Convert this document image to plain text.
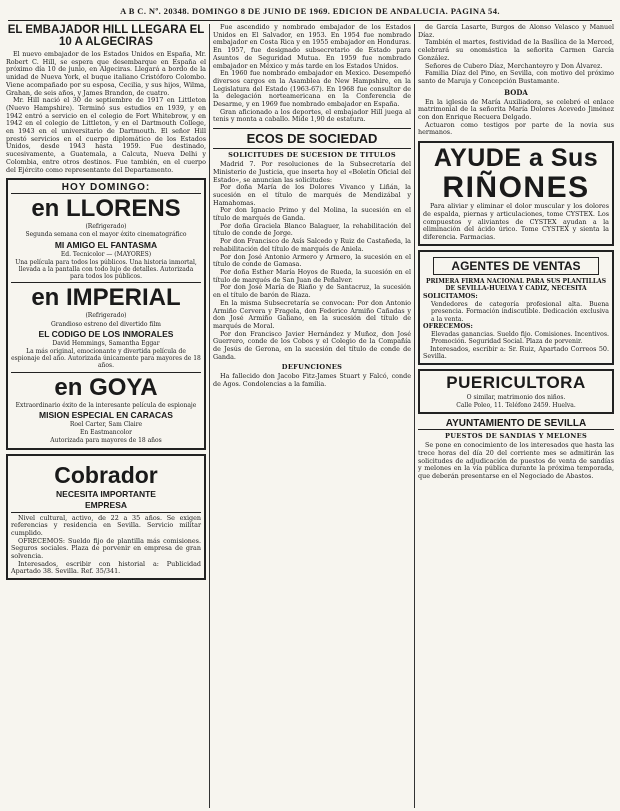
A B C. Nº. 20348. DOMINGO 8 DE JUNIO DE 1969. EDICION DE ANDALUCIA. PAGINA 54.
EL EMBAJADOR HILL LLEGARA EL 10 A ALGECIRAS

El nuevo embajador de los Estados Unidos en España, Mr. Robert C. Hill, se espera que desembarque en España el próximo día 10 de junio, en Algeciras. Llegará a bordo de la unidad de Nueva York, el buque italiano Cristóforo Colombo. Viene acompañado por su esposa, Cecilia, y sus hijos, Wilma, Grahan, de seis años, y James Brandon, de cuatro.

Mr. Hill nació el 30 de septiembre de 1917 en Littleton (Nuevo Hampshire). Terminó sus estudios en 1939, y en 1942 entró a servicio en el colegio de Fort Whitebrow, y en 1942 en el colegio de Littleton, y en el Dartmouth College, en 1943 en el universitario de Dartmouth. El señor Hill prestó servicios en el cuerpo diplomático de los Estados Unidos, desde 1943 hasta 1959. Fue destinado, sucesivamente, a Guatemala, a Calcuta, Nueva Delhi y Colombia, entre otros destinos. Fue también, en el cuerpo del Ejército como representante del Departamento.

HOY DOMINGO:
en LLORENS
(Refrigerado)
Segunda semana con el mayor éxito cinematográfico
MI AMIGO EL FANTASMA
Ed. Tecnicolor — (MAYORES)
Una película para todos los públicos. Una historia inmortal, llevada a la pantalla con todo lujo de detalles. Autorizada para todos los públicos.
en IMPERIAL
(Refrigerado)
Grandioso estreno del divertido film
EL CODIGO DE LOS INMORALES
David Hemmings, Samantha Eggar
La más original, emocionante y divertida película de espionaje del año. Autorizada únicamente para mayores de 18 años.
en GOYA
Extraordinario éxito de la interesante película de espionaje
MISION ESPECIAL EN CARACAS
Roel Carter, Sam Claire
En Eastmancolor
Autorizada para mayores de 18 años
Cobrador
NECESITA IMPORTANTE
EMPRESA

Nivel cultural, activo, de 22 a 35 años. Se exigen referencias y residencia en Sevilla. Servicio militar cumplido.

OFRECEMOS: Sueldo fijo de plantilla más comisiones. Seguros sociales. Plaza de porvenir en empresa de gran solvencia.

Interesados, escribir con historial a: Publicidad Apartado 38. Sevilla. Ref. 35/341.

Fue ascendido y nombrado embajador de los Estados Unidos en El Salvador, en 1953. En 1954 fue nombrado embajador en Costa Rica y en 1955 embajador en Honduras. En 1957, fue designado subsecretario de Estado para Asuntos de Seguridad Mutua. En 1959 fue nombrado embajador en México y más tarde en los Estados Unidos.

En 1960 fue nombrado embajador en Mexico. Desempeñó diversos cargos en la Asamblea de New Hampshire, en la Legislatura del Estado (1963-67). En 1968 fue consultor de la delegación norteamericana en la Conferencia de Desarme, y en 1969 fue nombrado embajador en España.

Gran aficionado a los deportes, el embajador Hill juega al tenis y monta a caballo. Mide 1,90 de estatura.

ECOS DE SOCIEDAD
SOLICITUDES DE SUCESION DE TITULOS

Madrid 7. Por resoluciones de la Subsecretaría del Ministerio de Justicia, que inserta hoy el «Boletín Oficial del Estado», se anuncian las solicitudes:

Por doña María de los Dolores Vivanco y Liñán, la sucesión en el título de marqués de Mendizábal y Hamahomas.

Por don Ignacio Primo y del Molina, la sucesión en el título de marqués de Ganda.

Por doña Graciela Blanco Balaguer, la rehabilitación del título de conde de Jorge.

Por don Francisco de Asís Salcedo y Ruiz de Castañeda, la rehabilitación del título de marqués de Aniela.

Por don José Antonio Armero y Armero, la sucesión en el título de conde de Gamasa.

Por doña Esther María Hoyos de Rueda, la sucesión en el título de marqués de San Juan de Peñalver.

Por don José María de Riaño y de Santacruz, la sucesión en el título de barón de Riaza.

En la misma Subsecretaría se convocan: Por don Antonio Armiño Cervera y Fragela, don Federico Armiño Cañadas y don José Armiño Galiano, en la sucesión del título de marqués de Moral.

Por don Francisco Javier Hernández y Muñoz, don José Guerrero, conde de los Cobos y el Colegio de la Compañía de Jesús de Gerona, en la sucesión del título de conde de Ganda.

DEFUNCIONES

Ha fallecido don Jacobo Fitz-James Stuart y Falcó, conde de Agos. Condolencias a la familia.

de García Lasarte, Burgos de Alonso Velasco y Manuel Díaz.

También el martes, festividad de la Basílica de la Merced, celebrará su onomástica la señorita Carmen García González.

Señores de Cubero Díaz, Merchanteyro y Don Álvarez.

Familia Díaz del Pino, en Sevilla, con motivo del próximo santo de Maruja y Concepción Bustamante.

BODA

En la iglesia de María Auxiliadora, se celebró el enlace matrimonial de la señorita María Dolores Acevedo Jiménez con don Enrique Recuera Delgado.

Actuaron como testigos por parte de la novia sus hermanos.

AYUDE a Sus
RIÑONES

Para aliviar y eliminar el dolor muscular y los dolores de espalda, piernas y articulaciones, tome CYSTEX. Los compuestos y aliviantes de CYSTEX ayudan a la eliminación del ácido úrico. Tome CYSTEX y sienta la diferencia. Farmacias.

AGENTES DE VENTAS
PRIMERA FIRMA NACIONAL PARA SUS PLANTILLAS DE SEVILLA-HUELVA Y CADIZ, NECESITA
SOLICITAMOS:

Vendedores de categoría profesional alta. Buena presencia. Formación indiscutible. Dedicación exclusiva a la venta.

OFRECEMOS:

Elevadas ganancias. Sueldo fijo. Comisiones. Incentivos. Promoción. Seguridad Social. Plaza de porvenir.

Interesados, escribir a: Sr. Ruiz, Apartado Correos 50. Sevilla.

PUERICULTORA
O similar, matrimonio dos niños.
Calle Poleo, 11. Teléfono 2459. Huelva.
AYUNTAMIENTO DE SEVILLA
PUESTOS DE SANDIAS Y MELONES

Se pone en conocimiento de los interesados que hasta las trece horas del día 20 del corriente mes se admitirán las solicitudes de adjudicación de puestos de venta de sandías y melones en la vía pública durante la próxima temporada, que deberán presentarse en el Negociado de Abastos.
